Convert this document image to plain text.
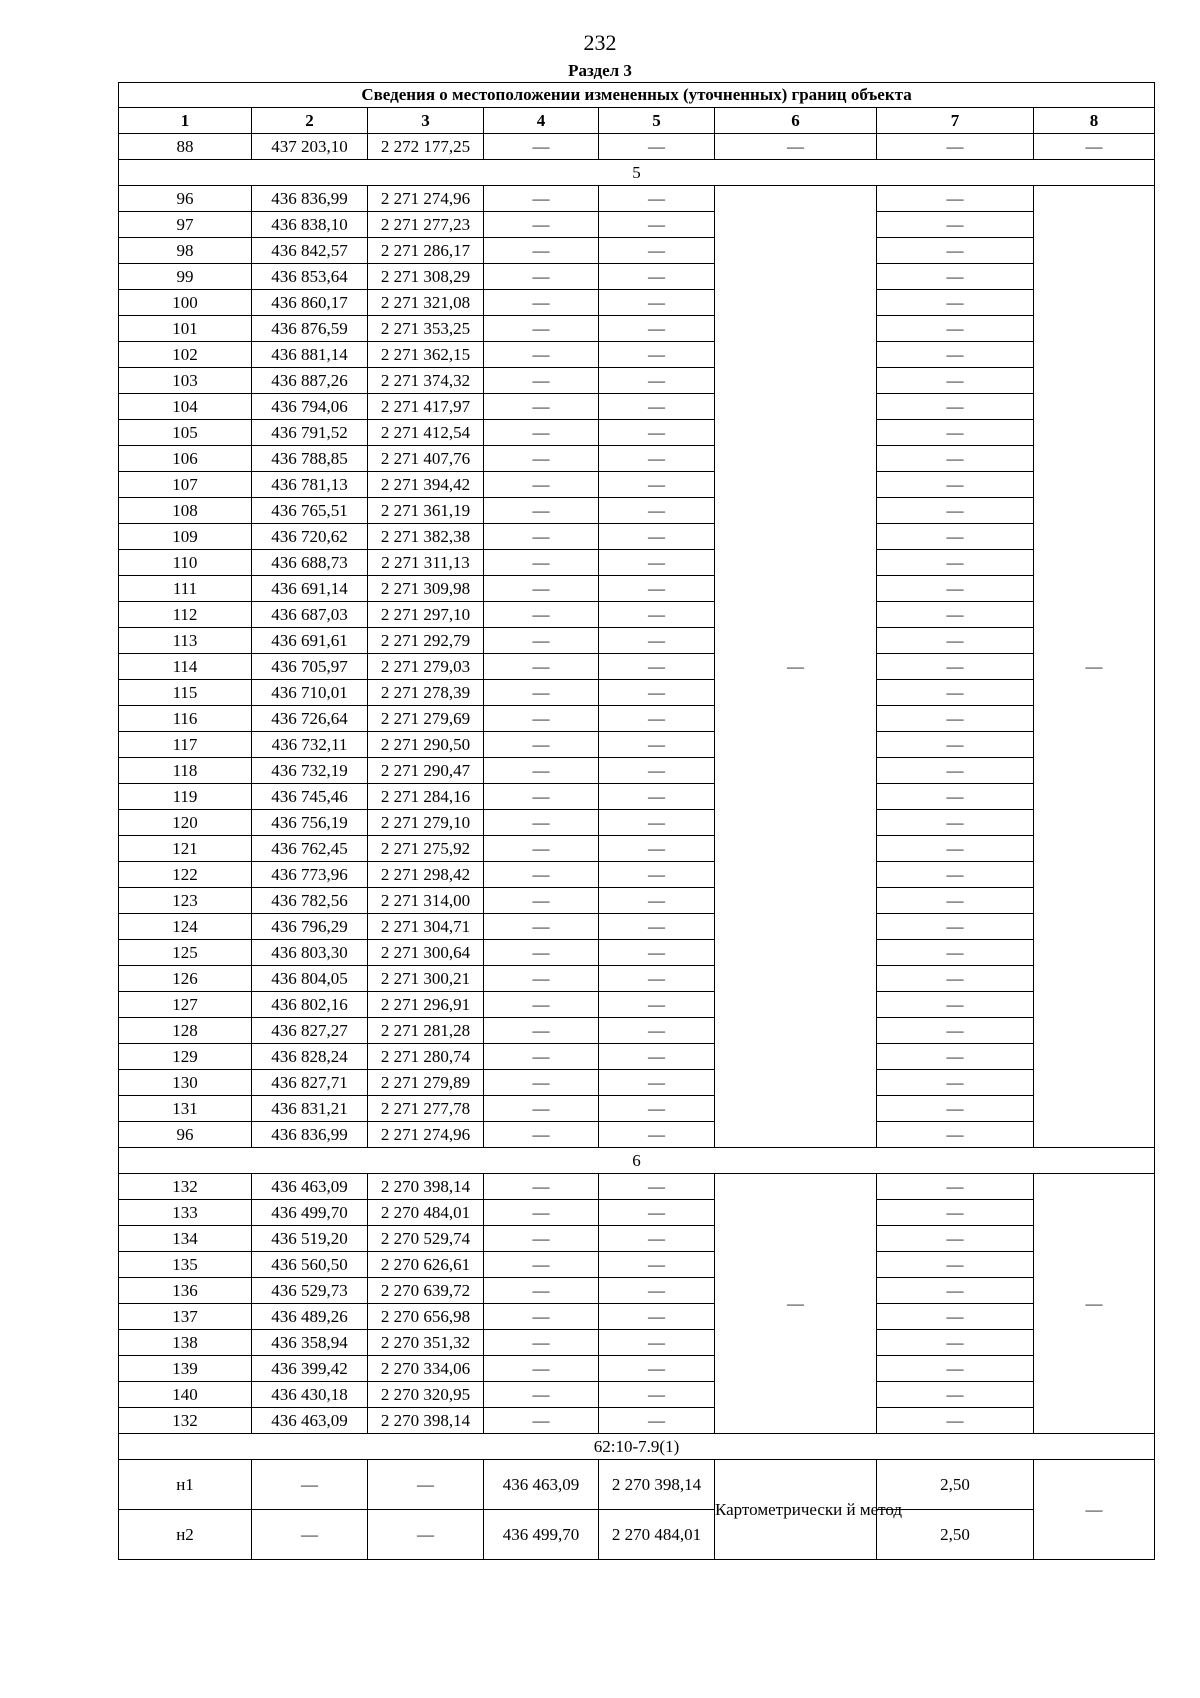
232
Раздел 3
Сведения о местоположении измененных (уточненных) границ объекта							
1	2	3	4	5	6	7	8
88	437 203,10	2 272 177,25	—	—	—	—	—
5							
96	436 836,99	2 271 274,96	—	—	—	—	—
97	436 838,10	2 271 277,23	—	—		—	
98	436 842,57	2 271 286,17	—	—		—	
99	436 853,64	2 271 308,29	—	—		—	
100	436 860,17	2 271 321,08	—	—		—	
101	436 876,59	2 271 353,25	—	—		—	
102	436 881,14	2 271 362,15	—	—		—	
103	436 887,26	2 271 374,32	—	—		—	
104	436 794,06	2 271 417,97	—	—		—	
105	436 791,52	2 271 412,54	—	—		—	
106	436 788,85	2 271 407,76	—	—		—	
107	436 781,13	2 271 394,42	—	—		—	
108	436 765,51	2 271 361,19	—	—		—	
109	436 720,62	2 271 382,38	—	—		—	
110	436 688,73	2 271 311,13	—	—		—	
111	436 691,14	2 271 309,98	—	—		—	
112	436 687,03	2 271 297,10	—	—		—	
113	436 691,61	2 271 292,79	—	—		—	
114	436 705,97	2 271 279,03	—	—		—	
115	436 710,01	2 271 278,39	—	—		—	
116	436 726,64	2 271 279,69	—	—		—	
117	436 732,11	2 271 290,50	—	—		—	
118	436 732,19	2 271 290,47	—	—		—	
119	436 745,46	2 271 284,16	—	—		—	
120	436 756,19	2 271 279,10	—	—		—	
121	436 762,45	2 271 275,92	—	—		—	
122	436 773,96	2 271 298,42	—	—		—	
123	436 782,56	2 271 314,00	—	—		—	
124	436 796,29	2 271 304,71	—	—		—	
125	436 803,30	2 271 300,64	—	—		—	
126	436 804,05	2 271 300,21	—	—		—	
127	436 802,16	2 271 296,91	—	—		—	
128	436 827,27	2 271 281,28	—	—		—	
129	436 828,24	2 271 280,74	—	—		—	
130	436 827,71	2 271 279,89	—	—		—	
131	436 831,21	2 271 277,78	—	—		—	
96	436 836,99	2 271 274,96	—	—		—	
6							
132	436 463,09	2 270 398,14	—	—	—	—	—
133	436 499,70	2 270 484,01	—	—		—	
134	436 519,20	2 270 529,74	—	—		—	
135	436 560,50	2 270 626,61	—	—		—	
136	436 529,73	2 270 639,72	—	—		—	
137	436 489,26	2 270 656,98	—	—		—	
138	436 358,94	2 270 351,32	—	—		—	
139	436 399,42	2 270 334,06	—	—		—	
140	436 430,18	2 270 320,95	—	—		—	
132	436 463,09	2 270 398,14	—	—		—	
62:10-7.9(1)							
н1	—	—	436 463,09	2 270 398,14	Картометрически й метод	2,50	—
н2	—	—	436 499,70	2 270 484,01		2,50	
